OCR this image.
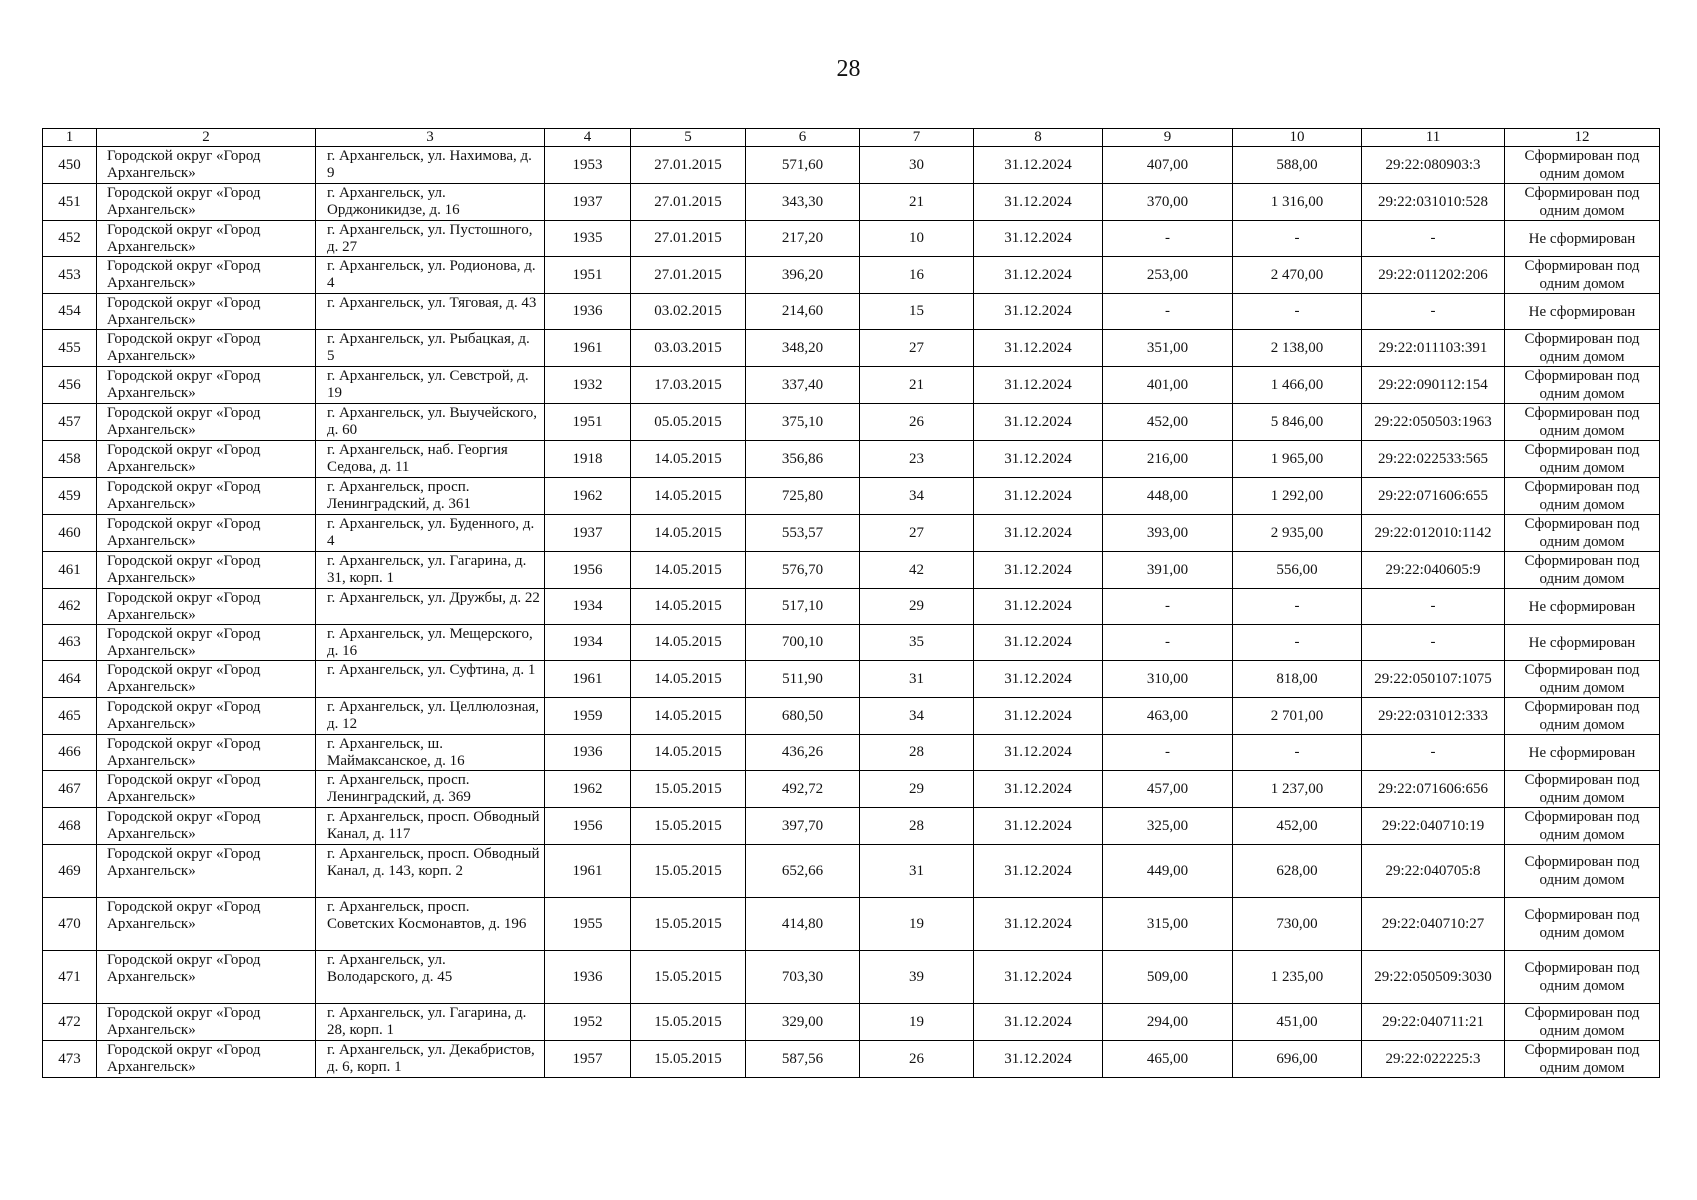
28
1	2	3	4	5	6	7	8	9	10	11	12
450	Городской округ «Город Архангельск»	г. Архангельск, ул. Нахимова, д. 9	1953	27.01.2015	571,60	30	31.12.2024	407,00	588,00	29:22:080903:3	Сформирован под одним домом
451	Городской округ «Город Архангельск»	г. Архангельск, ул. Орджоникидзе, д. 16	1937	27.01.2015	343,30	21	31.12.2024	370,00	1 316,00	29:22:031010:528	Сформирован под одним домом
452	Городской округ «Город Архангельск»	г. Архангельск, ул. Пустошного, д. 27	1935	27.01.2015	217,20	10	31.12.2024	-	-	-	Не сформирован
453	Городской округ «Город Архангельск»	г. Архангельск, ул. Родионова, д. 4	1951	27.01.2015	396,20	16	31.12.2024	253,00	2 470,00	29:22:011202:206	Сформирован под одним домом
454	Городской округ «Город Архангельск»	г. Архангельск, ул. Тяговая, д. 43	1936	03.02.2015	214,60	15	31.12.2024	-	-	-	Не сформирован
455	Городской округ «Город Архангельск»	г. Архангельск, ул. Рыбацкая, д. 5	1961	03.03.2015	348,20	27	31.12.2024	351,00	2 138,00	29:22:011103:391	Сформирован под одним домом
456	Городской округ «Город Архангельск»	г. Архангельск, ул. Севстрой, д. 19	1932	17.03.2015	337,40	21	31.12.2024	401,00	1 466,00	29:22:090112:154	Сформирован под одним домом
457	Городской округ «Город Архангельск»	г. Архангельск, ул. Выучейского, д. 60	1951	05.05.2015	375,10	26	31.12.2024	452,00	5 846,00	29:22:050503:1963	Сформирован под одним домом
458	Городской округ «Город Архангельск»	г. Архангельск, наб. Георгия Седова, д. 11	1918	14.05.2015	356,86	23	31.12.2024	216,00	1 965,00	29:22:022533:565	Сформирован под одним домом
459	Городской округ «Город Архангельск»	г. Архангельск, просп. Ленинградский, д. 361	1962	14.05.2015	725,80	34	31.12.2024	448,00	1 292,00	29:22:071606:655	Сформирован под одним домом
460	Городской округ «Город Архангельск»	г. Архангельск, ул. Буденного, д. 4	1937	14.05.2015	553,57	27	31.12.2024	393,00	2 935,00	29:22:012010:1142	Сформирован под одним домом
461	Городской округ «Город Архангельск»	г. Архангельск, ул. Гагарина, д. 31, корп. 1	1956	14.05.2015	576,70	42	31.12.2024	391,00	556,00	29:22:040605:9	Сформирован под одним домом
462	Городской округ «Город Архангельск»	г. Архангельск, ул. Дружбы, д. 22	1934	14.05.2015	517,10	29	31.12.2024	-	-	-	Не сформирован
463	Городской округ «Город Архангельск»	г. Архангельск, ул. Мещерского, д. 16	1934	14.05.2015	700,10	35	31.12.2024	-	-	-	Не сформирован
464	Городской округ «Город Архангельск»	г. Архангельск, ул. Суфтина, д. 1	1961	14.05.2015	511,90	31	31.12.2024	310,00	818,00	29:22:050107:1075	Сформирован под одним домом
465	Городской округ «Город Архангельск»	г. Архангельск, ул. Целлюлозная, д. 12	1959	14.05.2015	680,50	34	31.12.2024	463,00	2 701,00	29:22:031012:333	Сформирован под одним домом
466	Городской округ «Город Архангельск»	г. Архангельск, ш. Маймаксанское, д. 16	1936	14.05.2015	436,26	28	31.12.2024	-	-	-	Не сформирован
467	Городской округ «Город Архангельск»	г. Архангельск, просп. Ленинградский, д. 369	1962	15.05.2015	492,72	29	31.12.2024	457,00	1 237,00	29:22:071606:656	Сформирован под одним домом
468	Городской округ «Город Архангельск»	г. Архангельск, просп. Обводный Канал, д. 117	1956	15.05.2015	397,70	28	31.12.2024	325,00	452,00	29:22:040710:19	Сформирован под одним домом
469	Городской округ «Город Архангельск»	г. Архангельск, просп. Обводный Канал, д. 143, корп. 2	1961	15.05.2015	652,66	31	31.12.2024	449,00	628,00	29:22:040705:8	Сформирован под одним домом
470	Городской округ «Город Архангельск»	г. Архангельск, просп. Советских Космонавтов, д. 196	1955	15.05.2015	414,80	19	31.12.2024	315,00	730,00	29:22:040710:27	Сформирован под одним домом
471	Городской округ «Город Архангельск»	г. Архангельск, ул. Володарского, д. 45	1936	15.05.2015	703,30	39	31.12.2024	509,00	1 235,00	29:22:050509:3030	Сформирован под одним домом
472	Городской округ «Город Архангельск»	г. Архангельск, ул. Гагарина, д. 28, корп. 1	1952	15.05.2015	329,00	19	31.12.2024	294,00	451,00	29:22:040711:21	Сформирован под одним домом
473	Городской округ «Город Архангельск»	г. Архангельск, ул. Декабристов, д. 6, корп. 1	1957	15.05.2015	587,56	26	31.12.2024	465,00	696,00	29:22:022225:3	Сформирован под одним домом
